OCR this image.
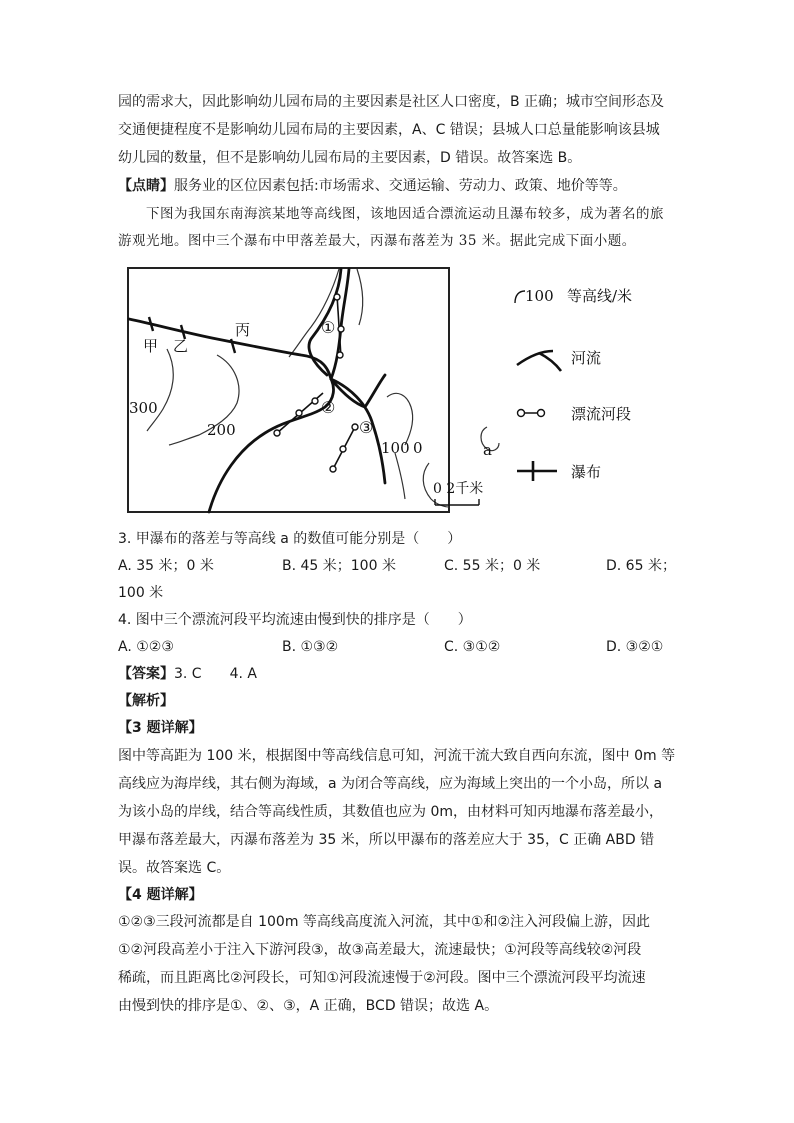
园的需求大，因此影响幼儿园布局的主要因素是社区人口密度，B 正确；城市空间形态及
交通便捷程度不是影响幼儿园布局的主要因素，A、C 错误；县城人口总量能影响该县城
幼儿园的数量，但不是影响幼儿园布局的主要因素，D 错误。故答案选 B。
【点睛】服务业的区位因素包括:市场需求、交通运输、劳动力、政策、地价等等。
下图为我国东南海滨某地等高线图，该地因适合漂流运动且瀑布较多，成为著名的旅
游观光地。图中三个瀑布中甲落差最大，丙瀑布落差为 35 米。据此完成下面小题。
甲 乙
丙
300
200
100 0	a
①
②
③
0 2千米
100 等高线/米
河流
漂流河段
瀑布
3. 甲瀑布的落差与等高线 a 的数值可能分别是（　　）
A. 35 米；0 米	B. 45 米；100 米	C. 55 米；0 米	D. 65 米；
100 米
4. 图中三个漂流河段平均流速由慢到快的排序是（　　）
A. ①②③	B. ①③②	C. ③①②	D. ③②①
【答案】3. C　　4. A
【解析】
【3 题详解】
图中等高距为 100 米，根据图中等高线信息可知，河流干流大致自西向东流，图中 0m 等
高线应为海岸线，其右侧为海域，a 为闭合等高线，应为海域上突出的一个小岛，所以 a
为该小岛的岸线，结合等高线性质，其数值也应为 0m，由材料可知丙地瀑布落差最小，
甲瀑布落差最大，丙瀑布落差为 35 米，所以甲瀑布的落差应大于 35，C 正确 ABD 错
误。故答案选 C。
【4 题详解】
①②③三段河流都是自 100m 等高线高度流入河流，其中①和②注入河段偏上游，因此
①②河段高差小于注入下游河段③，故③高差最大，流速最快；①河段等高线较②河段
稀疏，而且距离比②河段长，可知①河段流速慢于②河段。图中三个漂流河段平均流速
由慢到快的排序是①、②、③，A 正确，BCD 错误；故选 A。
